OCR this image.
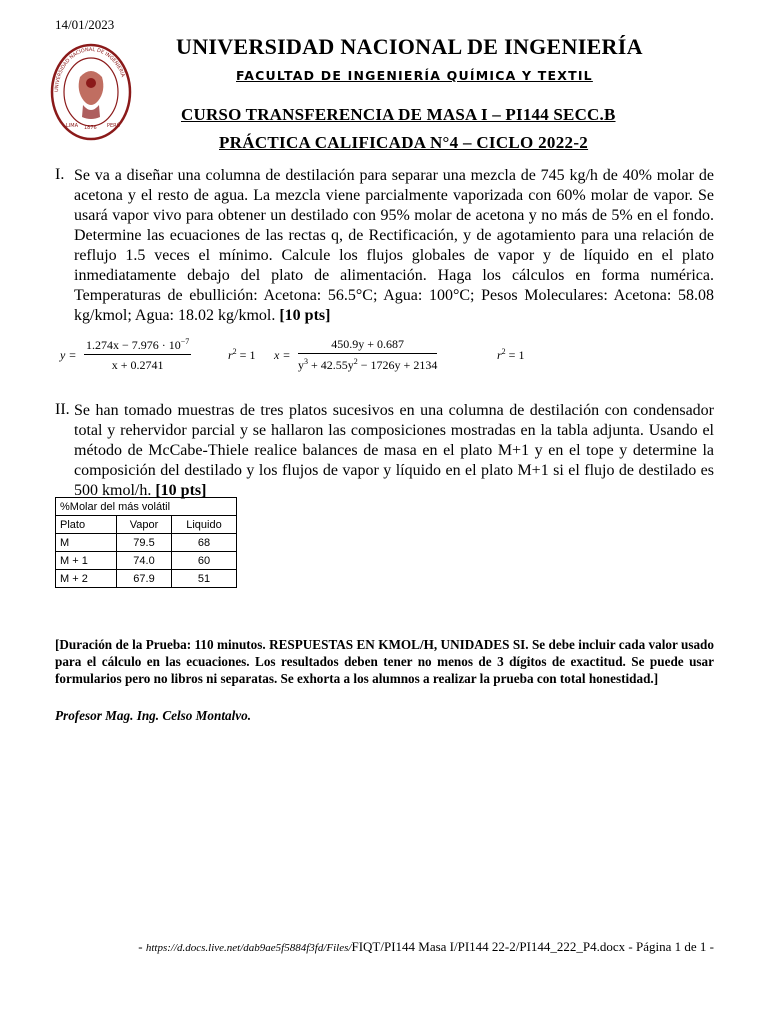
14/01/2023
LIMA 1876 PERÚ
UNIVERSIDAD NACIONAL DE INGENIERÍA
UNIVERSIDAD NACIONAL DE INGENIERÍA
FACULTAD DE INGENIERÍA QUÍMICA Y TEXTIL
CURSO TRANSFERENCIA DE MASA I – PI144 SECC.B
PRÁCTICA CALIFICADA N°4 – CICLO 2022-2
I. Se va a diseñar una columna de destilación para separar una mezcla de 745 kg/h de 40% molar de acetona y el resto de agua. La mezcla viene parcialmente vaporizada con 60% molar de vapor. Se usará vapor vivo para obtener un destilado con 95% molar de acetona y no más de 5% en el fondo. Determine las ecuaciones de las rectas q, de Rectificación, y de agotamiento para una relación de reflujo 1.5 veces el mínimo. Calcule los flujos globales de vapor y de líquido en el plato inmediatamente debajo del plato de alimentación. Haga los cálculos en forma numérica. Temperaturas de ebullición: Acetona: 56.5°C; Agua: 100°C; Pesos Moleculares: Acetona: 58.08 kg/kmol; Agua: 18.02 kg/kmol. [10 pts]
$y = \frac{1.274x - 7.976 \cdot 10^{-7}}{x + 0.2741}$	$r^2 = 1$ $x = \frac{450.9y + 0.687}{y^3 + 42.55y^2 - 1726y + 2134}$	$r^2 = 1$
II. Se han tomado muestras de tres platos sucesivos en una columna de destilación con condensador total y rehervidor parcial y se hallaron las composiciones mostradas en la tabla adjunta. Usando el método de McCabe-Thiele realice balances de masa en el plato M+1 y en el tope y determine la composición del destilado y los flujos de vapor y líquido en el plato M+1 si el flujo de destilado es 500 kmol/h. [10 pts]
%Molar del más volátil		
Plato	Vapor	Liquido
M	79.5	68
M + 1	74.0	60
M + 2	67.9	51
[Duración de la Prueba: 110 minutos. RESPUESTAS EN KMOL/H, UNIDADES SI. Se debe incluir cada valor usado para el cálculo en las ecuaciones. Los resultados deben tener no menos de 3 dígitos de exactitud. Se puede usar formularios pero no libros ni separatas. Se exhorta a los alumnos a realizar la prueba con total honestidad.]
Profesor Mag. Ing. Celso Montalvo.
- https://d.docs.live.net/dab9ae5f5884f3fd/Files/FIQT/PI144 Masa I/PI144 22-2/PI144_222_P4.docx - Página 1 de 1 -
